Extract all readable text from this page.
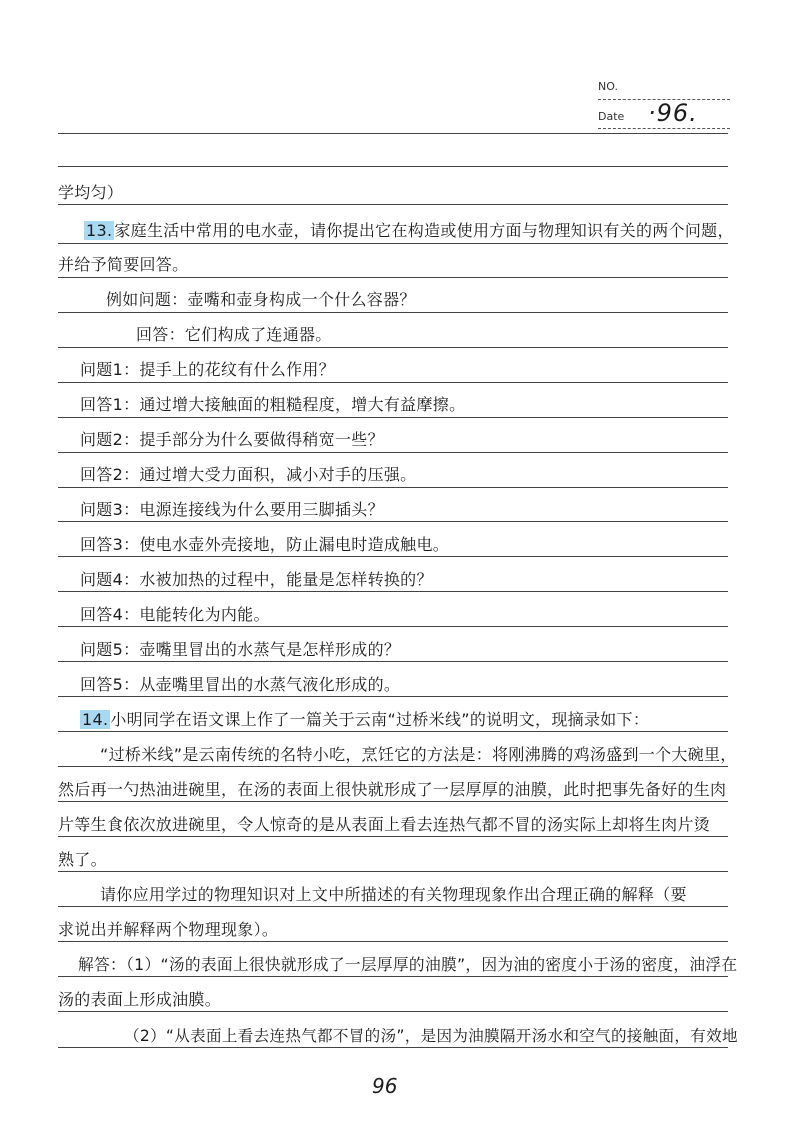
NO.
Date ·96.
学均匀）
13. 家庭生活中常用的电水壶，请你提出它在构造或使用方面与物理知识有关的两个问题，
并给予简要回答。
例如问题：壶嘴和壶身构成一个什么容器？
回答：它们构成了连通器。
问题1：提手上的花纹有什么作用？
回答1：通过增大接触面的粗糙程度，增大有益摩擦。
问题2：提手部分为什么要做得稍宽一些？
回答2：通过增大受力面积，减小对手的压强。
问题3：电源连接线为什么要用三脚插头？
回答3：使电水壶外壳接地，防止漏电时造成触电。
问题4：水被加热的过程中，能量是怎样转换的？
回答4：电能转化为内能。
问题5：壶嘴里冒出的水蒸气是怎样形成的？
回答5：从壶嘴里冒出的水蒸气液化形成的。
14. 小明同学在语文课上作了一篇关于云南“过桥米线”的说明文，现摘录如下：
“过桥米线”是云南传统的名特小吃，烹饪它的方法是：将刚沸腾的鸡汤盛到一个大碗里，
然后再一勺热油进碗里，在汤的表面上很快就形成了一层厚厚的油膜，此时把事先备好的生肉
片等生食依次放进碗里，令人惊奇的是从表面上看去连热气都不冒的汤实际上却将生肉片烫
熟了。
请你应用学过的物理知识对上文中所描述的有关物理现象作出合理正确的解释（要
求说出并解释两个物理现象）。
解答：（1）“汤的表面上很快就形成了一层厚厚的油膜”，因为油的密度小于汤的密度，油浮在
汤的表面上形成油膜。
（2）“从表面上看去连热气都不冒的汤”，是因为油膜隔开汤水和空气的接触面，有效地
96
